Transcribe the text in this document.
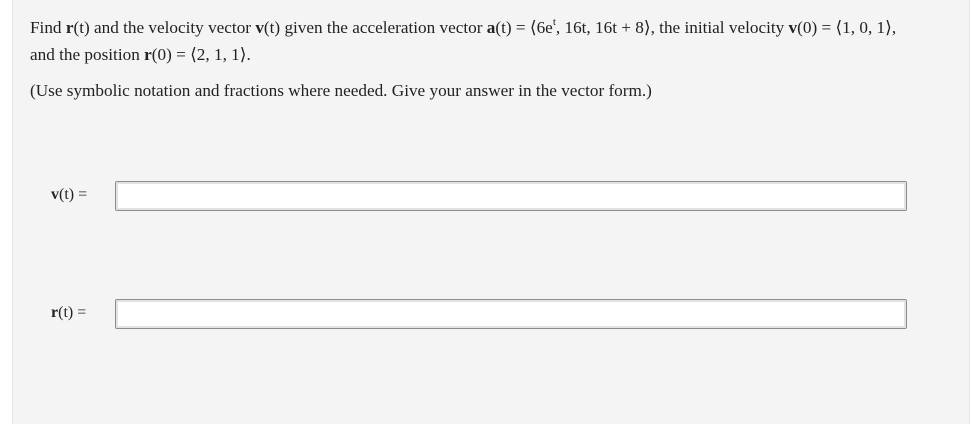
Find r(t) and the velocity vector v(t) given the acceleration vector $a(t) = ⟨6e^t$, 16t, 16t + 8⟩, the initial velocity v(0) = ⟨1, 0, 1⟩,
and the position r(0) = ⟨2, 1, 1⟩.
(Use symbolic notation and fractions where needed. Give your answer in the vector form.)
v(t) =
r(t) =
